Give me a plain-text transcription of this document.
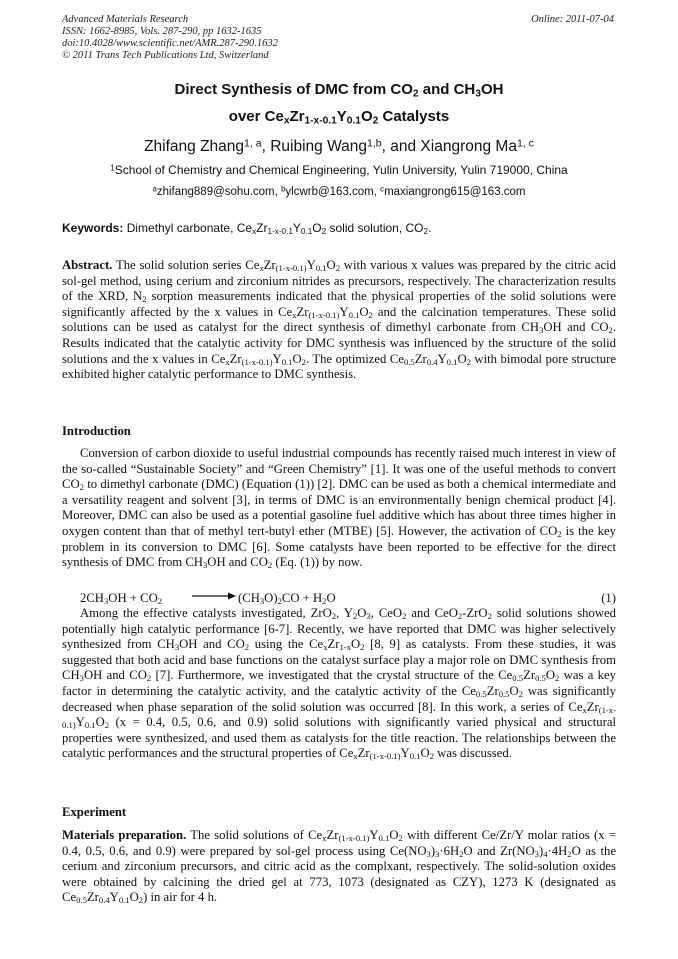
Advanced Materials Research
ISSN: 1662-8985, Vols. 287-290, pp 1632-1635
doi:10.4028/www.scientific.net/AMR.287-290.1632
© 2011 Trans Tech Publications Ltd, Switzerland
Online: 2011-07-04
Direct Synthesis of DMC from $CO_2$ and $CH_3OH$
over $Ce_xZr_{1-x-0.1}Y_{0.1}O_2$ Catalysts
Zhifang Zhang$^{1, a}$, Ruibing Wang$^{1,b}$, and Xiangrong Ma$^{1, c}$
$^1$School of Chemistry and Chemical Engineering, Yulin University, Yulin 719000, China
$^a$zhifang889@sohu.com, $^b$ylcwrb@163.com, $^c$maxiangrong615@163.com
Keywords: Dimethyl carbonate, $Ce_xZr_{1-x-0.1}Y_{0.1}O_2$ solid solution, $CO_2$.

Abstract. The solid solution series $Ce_xZr_{(1-x-0.1)}Y_{0.1}O_2$ with various x values was prepared by the citric acid sol-gel method, using cerium and zirconium nitrides as precursors, respectively. The characterization results of the XRD, $N_2$ sorption measurements indicated that the physical properties of the solid solutions were significantly affected by the x values in $Ce_xZr_{(1-x-0.1)}Y_{0.1}O_2$ and the calcination temperatures. These solid solutions can be used as catalyst for the direct synthesis of dimethyl carbonate from $CH_3OH$ and $CO_2$. Results indicated that the catalytic activity for DMC synthesis was influenced by the structure of the solid solutions and the x values in $Ce_xZr_{(1-x-0.1)}Y_{0.1}O_2$. The optimized $Ce_{0.5}Zr_{0.4}Y_{0.1}O_2$ with bimodal pore structure exhibited higher catalytic performance to DMC synthesis.

Introduction

Conversion of carbon dioxide to useful industrial compounds has recently raised much interest in view of the so-called “Sustainable Society” and “Green Chemistry” [1]. It was one of the useful methods to convert $CO_2$ to dimethyl carbonate (DMC) (Equation (1)) [2]. DMC can be used as both a chemical intermediate and a versatility reagent and solvent [3], in terms of DMC is an environmentally benign chemical product [4]. Moreover, DMC can also be used as a potential gasoline fuel additive which has about three times higher in oxygen content than that of methyl tert-butyl ether (MTBE) [5]. However, the activation of $CO_2$ is the key problem in its conversion to DMC [6]. Some catalysts have been reported to be effective for the direct synthesis of DMC from $CH_3OH$ and $CO_2$ (Eq. (1)) by now.

$2CH_3OH + CO_2 \to (CH_3O)_2CO + H_2O$	(1)

Among the effective catalysts investigated, ZrO$_2$, $Y_2O_3$, CeO$_2$ and CeO$_2$-ZrO$_2$ solid solutions showed potentially high catalytic performance [6-7]. Recently, we have reported that DMC was higher selectively synthesized from $CH_3OH$ and $CO_2$ using the $Ce_xZr_{1-x}O_2$ [8, 9] as catalysts. From these studies, it was suggested that both acid and base functions on the catalyst surface play a major role on DMC synthesis from $CH_3OH$ and $CO_2$ [7]. Furthermore, we investigated that the crystal structure of the $Ce_{0.5}Zr_{0.5}O_2$ was a key factor in determining the catalytic activity, and the catalytic activity of the $Ce_{0.5}Zr_{0.5}O_2$ was significantly decreased when phase separation of the solid solution was occurred [8]. In this work, a series of $Ce_xZr_{(1-x-0.1)}Y_{0.1}O_2$ (x = 0.4, 0.5, 0.6, and 0.9) solid solutions with significantly varied physical and structural properties were synthesized, and used them as catalysts for the title reaction. The relationships between the catalytic performances and the structural properties of $Ce_xZr_{(1-x-0.1)}Y_{0.1}O_2$ was discussed.

Experiment

Materials preparation. The solid solutions of $Ce_xZr_{(1-x-0.1)}Y_{0.1}O_2$ with different Ce/Zr/Y molar ratios (x = 0.4, 0.5, 0.6, and 0.9) were prepared by sol-gel process using $Ce(NO_3)_3\cdot 6H_2O$ and $Zr(NO_3)_4\cdot 4H_2O$ as the cerium and zirconium precursors, and citric acid as the complxant, respectively. The solid-solution oxides were obtained by calcining the dried gel at 773, 1073 (designated as CZY), 1273 K (designated as $Ce_{0.5}Zr_{0.4}Y_{0.1}O_2$) in air for 4 h.
